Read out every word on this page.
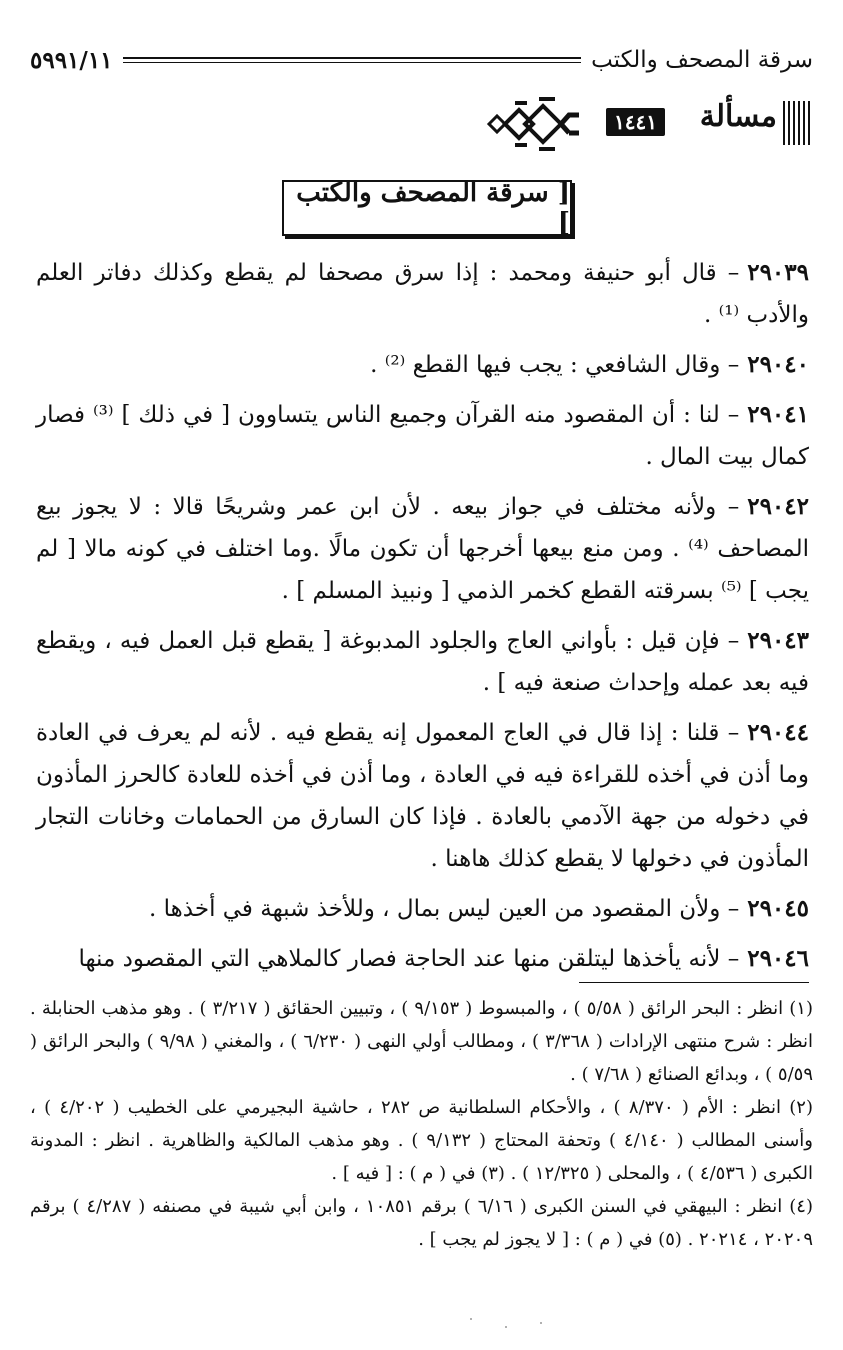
سرقة المصحف والكتب
٥٩٩١/١١
مسألة
١٤٤١
[ سرقة المصحف والكتب ]

٢٩٠٣٩– قال أبو حنيفة ومحمد : إذا سرق مصحفا لم يقطع وكذلك دفاتر العلم والأدب ⁽¹⁾ .

٢٩٠٤٠– وقال الشافعي : يجب فيها القطع ⁽²⁾ .

٢٩٠٤١– لنا : أن المقصود منه القرآن وجميع الناس يتساوون [ في ذلك ] ⁽³⁾ فصار كمال بيت المال .

٢٩٠٤٢– ولأنه مختلف في جواز بيعه . لأن ابن عمر وشريحًا قالا : لا يجوز بيع المصاحف ⁽⁴⁾ . ومن منع بيعها أخرجها أن تكون مالًا .وما اختلف في كونه مالا [ لم يجب ] ⁽⁵⁾ بسرقته القطع كخمر الذمي [ ونبيذ المسلم ] .

٢٩٠٤٣– فإن قيل : بأواني العاج والجلود المدبوغة [ يقطع قبل العمل فيه ، ويقطع فيه بعد عمله وإحداث صنعة فيه ] .

٢٩٠٤٤– قلنا : إذا قال في العاج المعمول إنه يقطع فيه . لأنه لم يعرف في العادة وما أذن في أخذه للقراءة فيه في العادة ، وما أذن في أخذه للعادة كالحرز المأذون في دخوله من جهة الآدمي بالعادة . فإذا كان السارق من الحمامات وخانات التجار المأذون في دخولها لا يقطع كذلك هاهنا .

٢٩٠٤٥– ولأن المقصود من العين ليس بمال ، وللأخذ شبهة في أخذها .

٢٩٠٤٦– لأنه يأخذها ليتلقن منها عند الحاجة فصار كالملاهي التي المقصود منها

(١) انظر : البحر الرائق ( ٥/٥٨ ) ، والمبسوط ( ٩/١٥٣ ) ، وتبيين الحقائق ( ٣/٢١٧ ) . وهو مذهب الحنابلة . انظر : شرح منتهى الإرادات ( ٣/٣٦٨ ) ، ومطالب أولي النهى ( ٦/٢٣٠ ) ، والمغني ( ٩/٩٨ ) والبحر الرائق ( ٥/٥٩ ) ، وبدائع الصنائع ( ٧/٦٨ ) .

(٢) انظر : الأم ( ٨/٣٧٠ ) ، والأحكام السلطانية ص ٢٨٢ ، حاشية البجيرمي على الخطيب ( ٤/٢٠٢ ) ، وأسنى المطالب ( ٤/١٤٠ ) وتحفة المحتاج ( ٩/١٣٢ ) . وهو مذهب المالكية والظاهرية . انظر : المدونة الكبرى ( ٤/٥٣٦ ) ، والمحلى ( ١٢/٣٢٥ ) . (٣) في ( م ) : [ فيه ] .

(٤) انظر : البيهقي في السنن الكبرى ( ٦/١٦ ) برقم ١٠٨٥١ ، وابن أبي شيبة في مصنفه ( ٤/٢٨٧ ) برقم ٢٠٢٠٩ ، ٢٠٢١٤ . (٥) في ( م ) : [ لا يجوز لم يجب ] .
